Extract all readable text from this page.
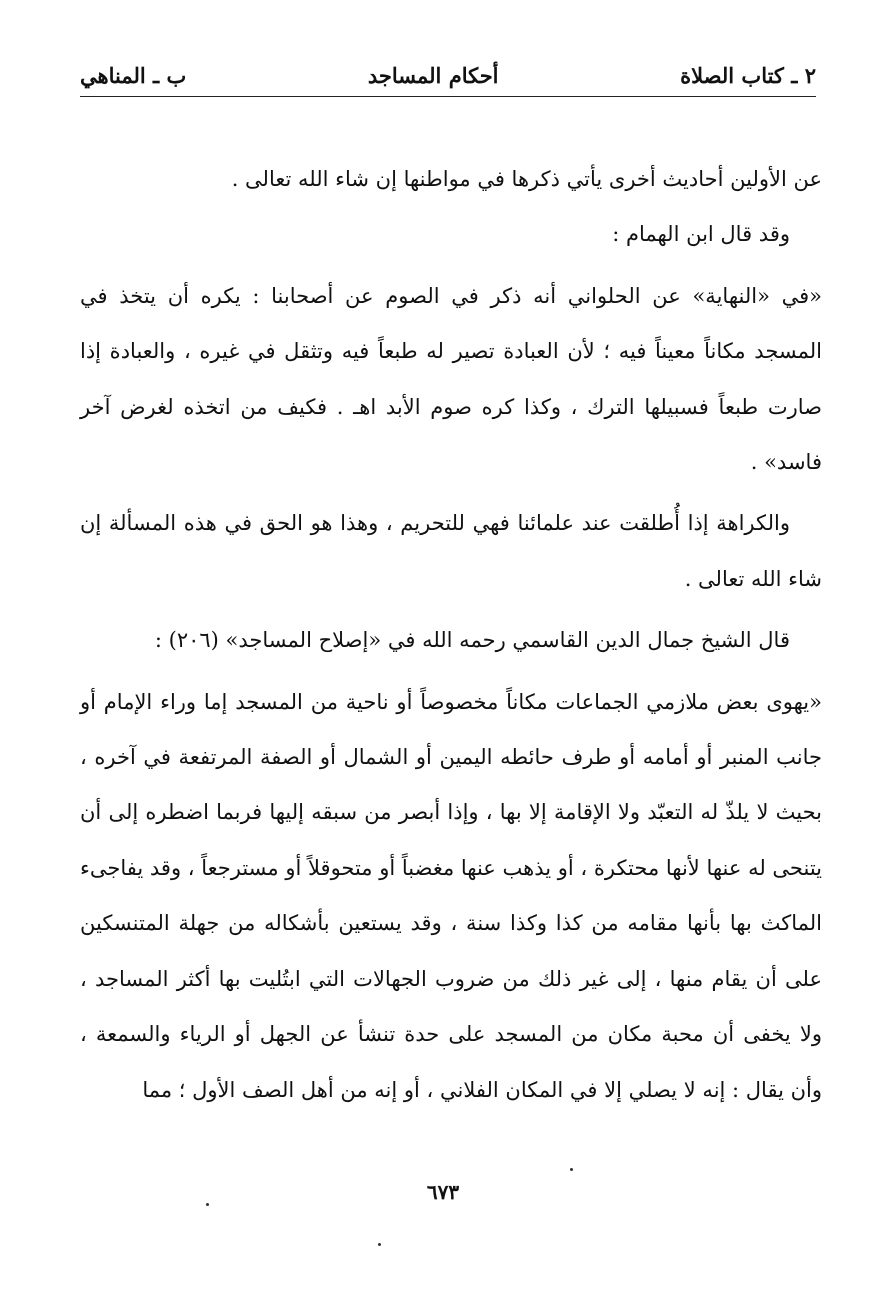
٢ ـ كتاب الصلاة
أحكام المساجد
ب ـ المناهي

عن الأولين أحاديث أخرى يأتي ذكرها في مواطنها إن شاء الله تعالى .

وقد قال ابن الهمام :

«في «النهاية» عن الحلواني أنه ذكر في الصوم عن أصحابنا : يكره أن يتخذ في المسجد مكاناً معيناً فيه ؛ لأن العبادة تصير له طبعاً فيه وتثقل في غيره ، والعبادة إذا صارت طبعاً فسبيلها الترك ، وكذا كره صوم الأبد اهـ . فكيف من اتخذه لغرض آخر فاسد» .

والكراهة إذا أُطلقت عند علمائنا فهي للتحريم ، وهذا هو الحق في هذه المسألة إن شاء الله تعالى .

قال الشيخ جمال الدين القاسمي رحمه الله في «إصلاح المساجد» (٢٠٦) :

«يهوى بعض ملازمي الجماعات مكاناً مخصوصاً أو ناحية من المسجد إما وراء الإمام أو جانب المنبر أو أمامه أو طرف حائطه اليمين أو الشمال أو الصفة المرتفعة في آخره ، بحيث لا يلذّ له التعبّد ولا الإقامة إلا بها ، وإذا أبصر من سبقه إليها فربما اضطره إلى أن يتنحى له عنها لأنها محتكرة ، أو يذهب عنها مغضباً أو متحوقلاً أو مسترجعاً ، وقد يفاجىء الماكث بها بأنها مقامه من كذا وكذا سنة ، وقد يستعين بأشكاله من جهلة المتنسكين على أن يقام منها ، إلى غير ذلك من ضروب الجهالات التي ابتُليت بها أكثر المساجد ، ولا يخفى أن محبة مكان من المسجد على حدة تنشأ عن الجهل أو الرياء والسمعة ، وأن يقال : إنه لا يصلي إلا في المكان الفلاني ، أو إنه من أهل الصف الأول ؛ مما

٦٧٣
